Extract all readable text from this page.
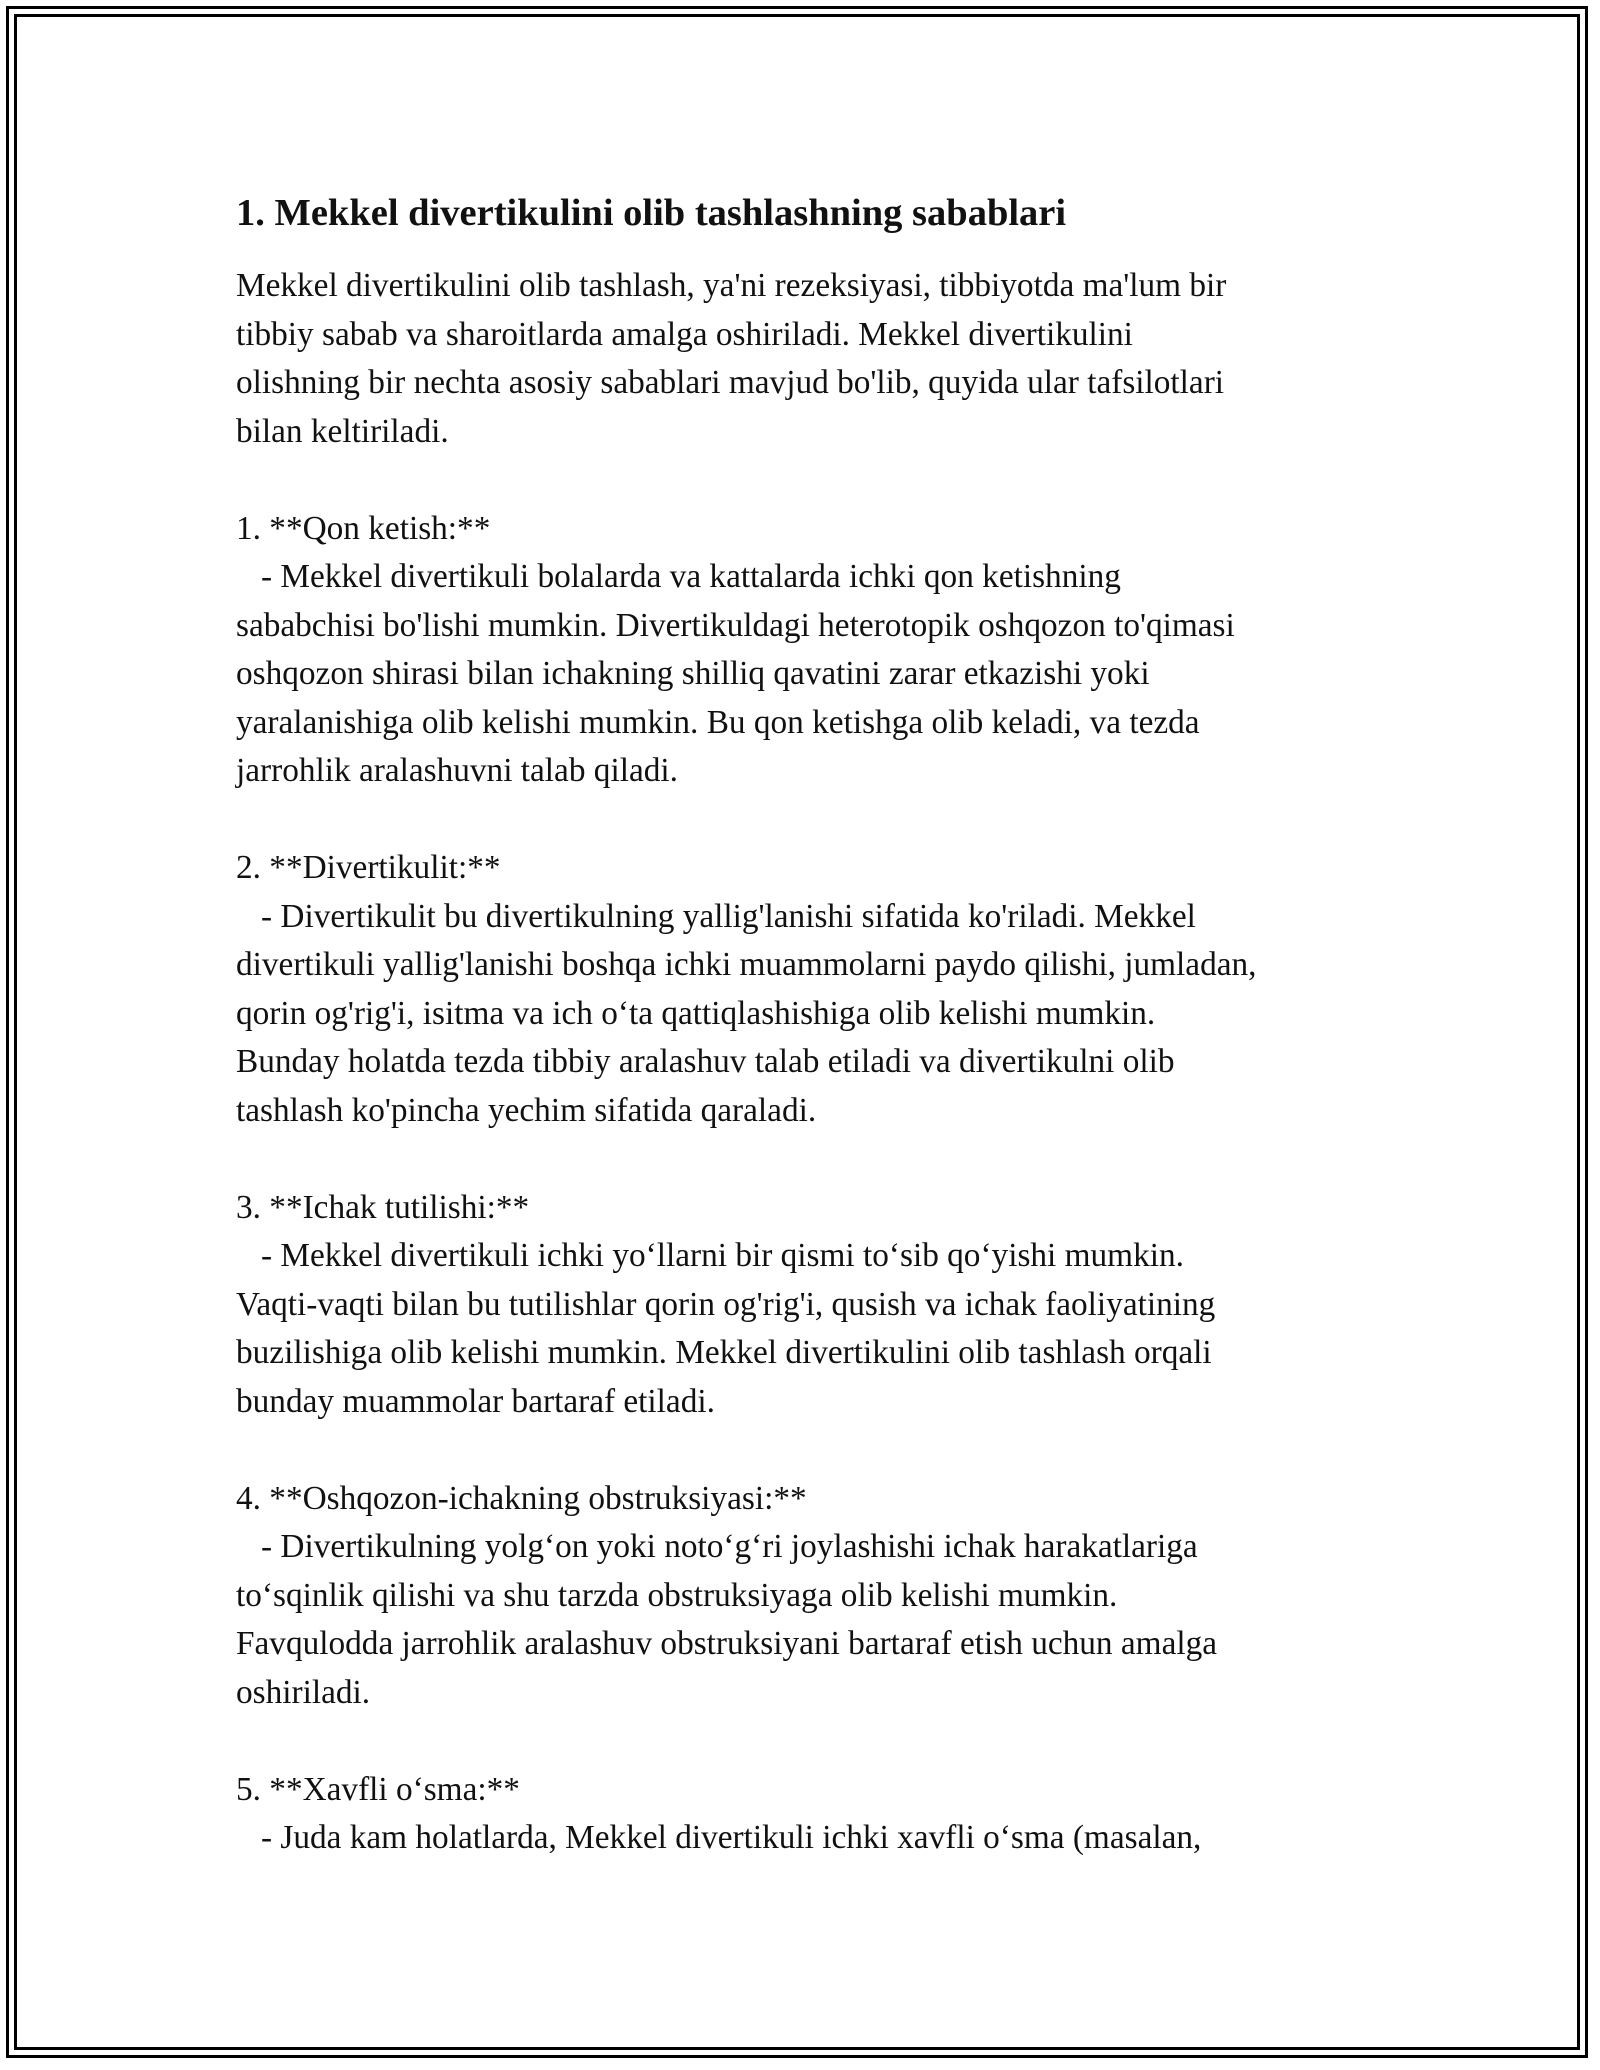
1. Mekkel divertikulini olib tashlashning sabablari

Mekkel divertikulini olib tashlash, ya'ni rezeksiyasi, tibbiyotda ma'lum bir
tibbiy sabab va sharoitlarda amalga oshiriladi. Mekkel divertikulini
olishning bir nechta asosiy sabablari mavjud bo'lib, quyida ular tafsilotlari
bilan keltiriladi.

1. **Qon ketish:**

- Mekkel divertikuli bolalarda va kattalarda ichki qon ketishning
sababchisi bo'lishi mumkin. Divertikuldagi heterotopik oshqozon to'qimasi
oshqozon shirasi bilan ichakning shilliq qavatini zarar etkazishi yoki
yaralanishiga olib kelishi mumkin. Bu qon ketishga olib keladi, va tezda
jarrohlik aralashuvni talab qiladi.

2. **Divertikulit:**

- Divertikulit bu divertikulning yallig'lanishi sifatida ko'riladi. Mekkel
divertikuli yallig'lanishi boshqa ichki muammolarni paydo qilishi, jumladan,
qorin og'rig'i, isitma va ich o‘ta qattiqlashishiga olib kelishi mumkin.
Bunday holatda tezda tibbiy aralashuv talab etiladi va divertikulni olib
tashlash ko'pincha yechim sifatida qaraladi.

3. **Ichak tutilishi:**

- Mekkel divertikuli ichki yo‘llarni bir qismi to‘sib qo‘yishi mumkin.
Vaqti-vaqti bilan bu tutilishlar qorin og'rig'i, qusish va ichak faoliyatining
buzilishiga olib kelishi mumkin. Mekkel divertikulini olib tashlash orqali
bunday muammolar bartaraf etiladi.

4. **Oshqozon-ichakning obstruksiyasi:**

- Divertikulning yolg‘on yoki noto‘g‘ri joylashishi ichak harakatlariga
to‘sqinlik qilishi va shu tarzda obstruksiyaga olib kelishi mumkin.
Favqulodda jarrohlik aralashuv obstruksiyani bartaraf etish uchun amalga
oshiriladi.

5. **Xavfli o‘sma:**

- Juda kam holatlarda, Mekkel divertikuli ichki xavfli o‘sma (masalan,
